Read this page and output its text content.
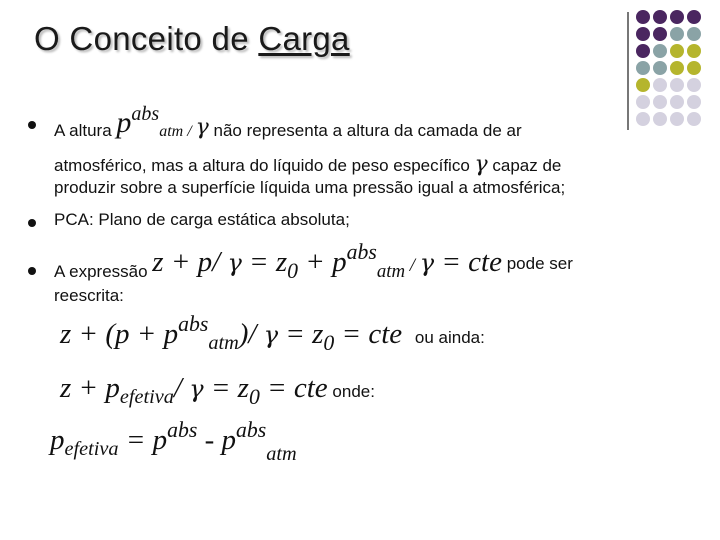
O Conceito de Carga
A altura $p^{abs}atm$ / γ não representa a altura da camada de ar
atmosférico, mas a altura do líquido de peso específico γ capaz de
produzir sobre a superfície líquida uma pressão igual a atmosférica;
PCA: Plano de carga estática absoluta;
A expressão z + p/ $\gamma = z_0 + p^{abs}atm / \gamma$ = cte pode ser
reescrita:
$z + (p + p^{abs}_{atm})/$ $\gamma = z_0$ = cte ou ainda:
$z + p_{efetiva}/$ $\gamma = z_0$ = cte onde:
$p_{efetiva} = p^{abs} - p^{abs}_{atm}$
